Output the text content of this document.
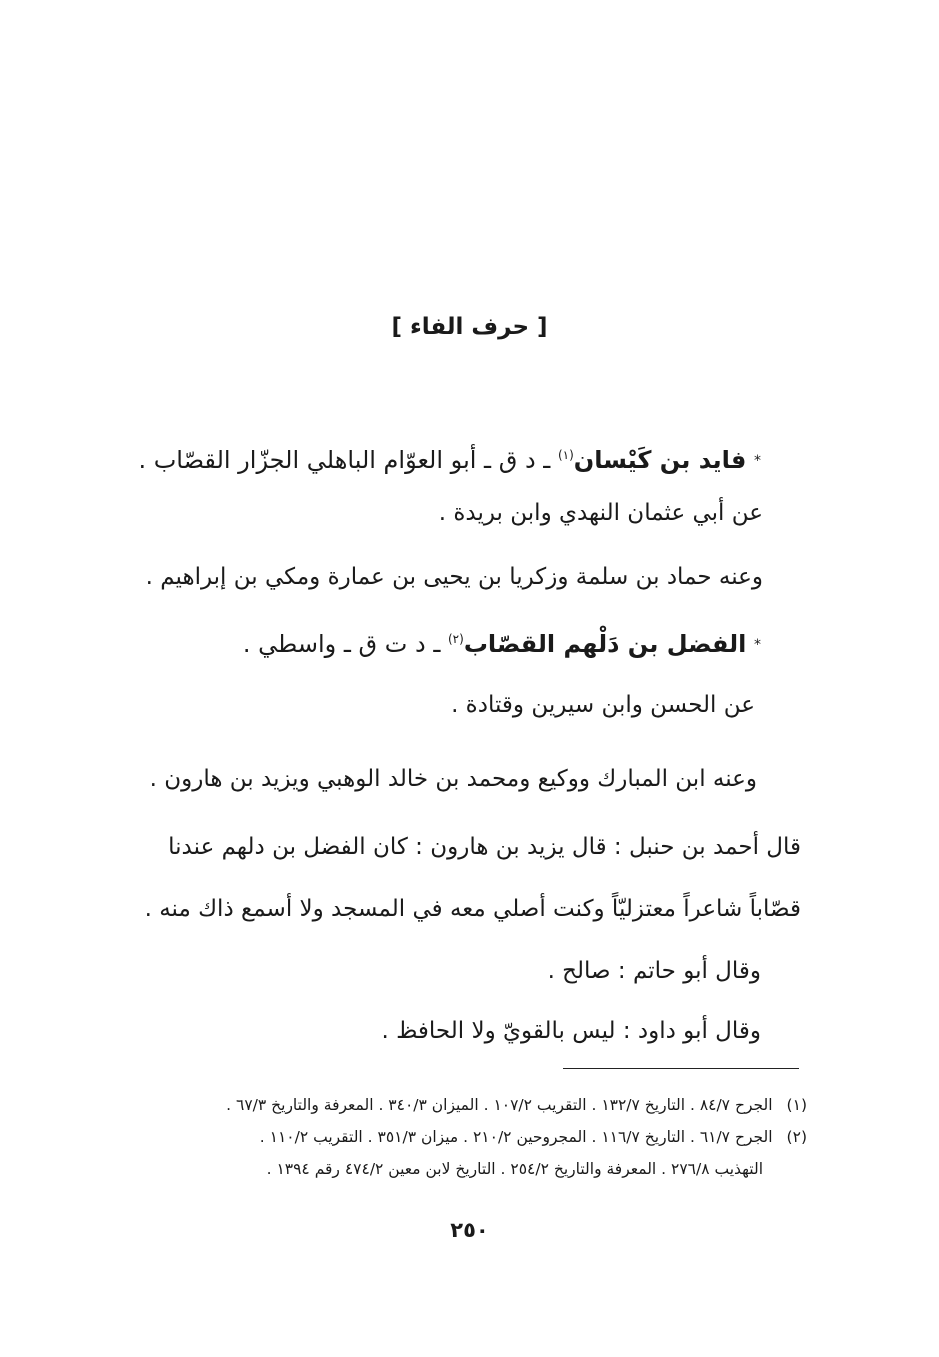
[ حرف الفاء ]
* فايد بن كَيْسان$^{(١)}$ ـ د ق ـ أبو العوّام الباهلي الجزّار القصّاب .
عن أبي عثمان النهدي وابن بريدة .
وعنه حماد بن سلمة وزكريا بن يحيى بن عمارة ومكي بن إبراهيم .
* الفضل بن دَلْهم القصّاب$^{(٢)}$ ـ د ت ق ـ واسطي .
عن الحسن وابن سيرين وقتادة .
وعنه ابن المبارك ووكيع ومحمد بن خالد الوهبي ويزيد بن هارون .
قال أحمد بن حنبل : قال يزيد بن هارون : كان الفضل بن دلهم عندنا
قصّاباً شاعراً معتزليّاً وكنت أصلي معه في المسجد ولا أسمع ذاك منه .
وقال أبو حاتم : صالح .
وقال أبو داود : ليس بالقويّ ولا الحافظ .
(١)الجرح ٨٤/٧ . التاريخ ١٣٢/٧ . التقريب ١٠٧/٢ . الميزان ٣٤٠/٣ . المعرفة والتاريخ ٦٧/٣ .
(٢)الجرح ٦١/٧ . التاريخ ١١٦/٧ . المجروحين ٢١٠/٢ . ميزان ٣٥١/٣ . التقريب ١١٠/٢ .
التهذيب ٢٧٦/٨ . المعرفة والتاريخ ٢٥٤/٢ . التاريخ لابن معين ٤٧٤/٢ رقم ١٣٩٤ .
٢٥٠
